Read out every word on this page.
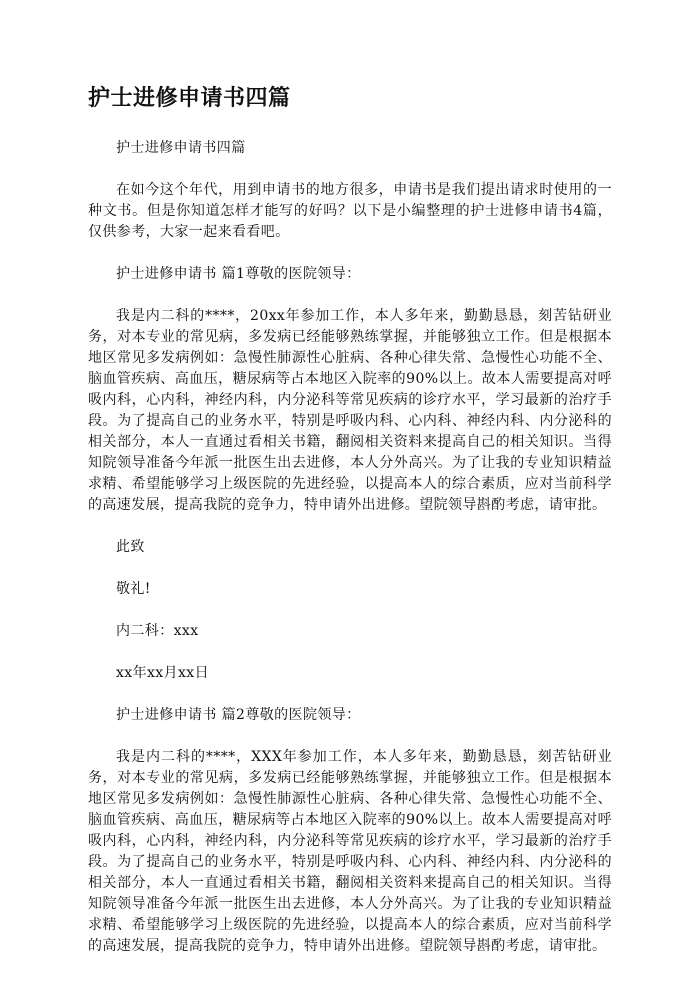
护士进修申请书四篇

护士进修申请书四篇

在如今这个年代，用到申请书的地方很多，申请书是我们提出请求时使用的一种文书。但是你知道怎样才能写的好吗？以下是小编整理的护士进修申请书4篇，仅供参考，大家一起来看看吧。

护士进修申请书 篇1尊敬的医院领导：

我是内二科的****，20xx年参加工作，本人多年来，勤勤恳恳，刻苦钻研业务，对本专业的常见病，多发病已经能够熟练掌握，并能够独立工作。但是根据本地区常见多发病例如：急慢性肺源性心脏病、各种心律失常、急慢性心功能不全、脑血管疾病、高血压，糖尿病等占本地区入院率的90%以上。故本人需要提高对呼吸内科，心内科，神经内科，内分泌科等常见疾病的诊疗水平，学习最新的治疗手段。为了提高自己的业务水平，特别是呼吸内科、心内科、神经内科、内分泌科的相关部分，本人一直通过看相关书籍，翻阅相关资料来提高自己的相关知识。当得知院领导准备今年派一批医生出去进修，本人分外高兴。为了让我的专业知识精益求精、希望能够学习上级医院的先进经验，以提高本人的综合素质，应对当前科学的高速发展，提高我院的竞争力，特申请外出进修。望院领导斟酌考虑，请审批。

此致

敬礼!

内二科：xxx

xx年xx月xx日

护士进修申请书 篇2尊敬的医院领导：

我是内二科的****，XXX年参加工作，本人多年来，勤勤恳恳，刻苦钻研业务，对本专业的常见病，多发病已经能够熟练掌握，并能够独立工作。但是根据本地区常见多发病例如：急慢性肺源性心脏病、各种心律失常、急慢性心功能不全、脑血管疾病、高血压，糖尿病等占本地区入院率的90%以上。故本人需要提高对呼吸内科，心内科，神经内科，内分泌科等常见疾病的诊疗水平，学习最新的治疗手段。为了提高自己的业务水平，特别是呼吸内科、心内科、神经内科、内分泌科的相关部分，本人一直通过看相关书籍，翻阅相关资料来提高自己的相关知识。当得知院领导准备今年派一批医生出去进修，本人分外高兴。为了让我的专业知识精益求精、希望能够学习上级医院的先进经验，以提高本人的综合素质，应对当前科学的高速发展，提高我院的竞争力，特申请外出进修。望院领导斟酌考虑，请审批。
